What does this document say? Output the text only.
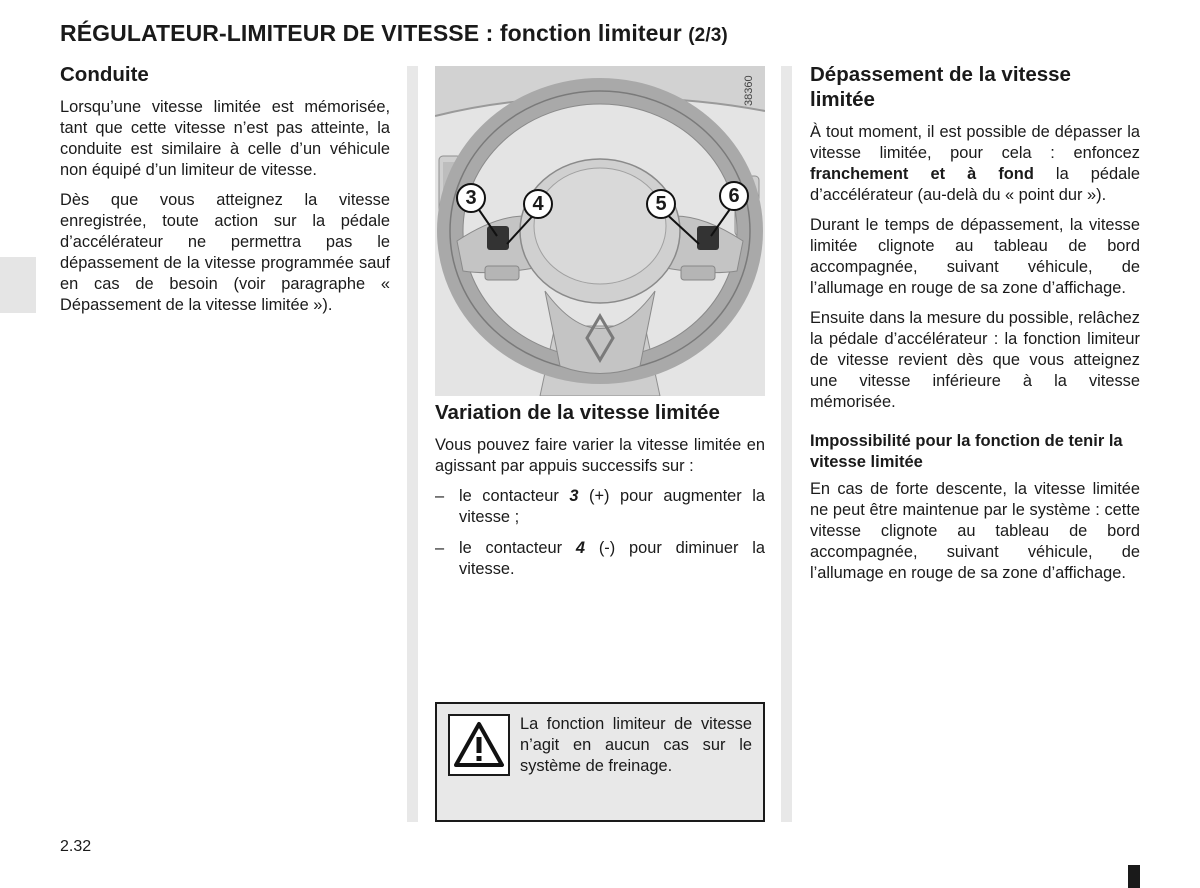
RÉGULATEUR-LIMITEUR DE VITESSE : fonction limiteur (2/3)
Conduite

Lorsqu’une vitesse limitée est mémorisée, tant que cette vitesse n’est pas atteinte, la conduite est similaire à celle d’un véhicule non équipé d’un limiteur de vitesse.

Dès que vous atteignez la vitesse enregistrée, toute action sur la pédale d’accélérateur ne permettra pas le dépassement de la vitesse programmée sauf en cas de besoin (voir paragraphe « Dépassement de la vitesse limitée »).

38360
3	4	5	6
Variation de la vitesse limitée

Vous pouvez faire varier la vitesse limitée en agissant par appuis successifs sur :

– le contacteur 3 (+) pour augmenter la vitesse ;
– le contacteur 4 (-) pour diminuer la vitesse.
La fonction limiteur de vitesse n’agit en aucun cas sur le système de freinage.
Dépassement de la vitesse limitée

À tout moment, il est possible de dépasser la vitesse limitée, pour cela : enfoncez franchement et à fond la pédale d’accélérateur (au-delà du « point dur »).

Durant le temps de dépassement, la vitesse limitée clignote au tableau de bord accompagnée, suivant véhicule, de l’allumage en rouge de sa zone d’affichage.

Ensuite dans la mesure du possible, relâchez la pédale d’accélérateur : la fonction limiteur de vitesse revient dès que vous atteignez une vitesse inférieure à la vitesse mémorisée.

Impossibilité pour la fonction de tenir la vitesse limitée

En cas de forte descente, la vitesse limitée ne peut être maintenue par le système : cette vitesse clignote au tableau de bord accompagnée, suivant véhicule, de l’allumage en rouge de sa zone d’affichage.

2.32
